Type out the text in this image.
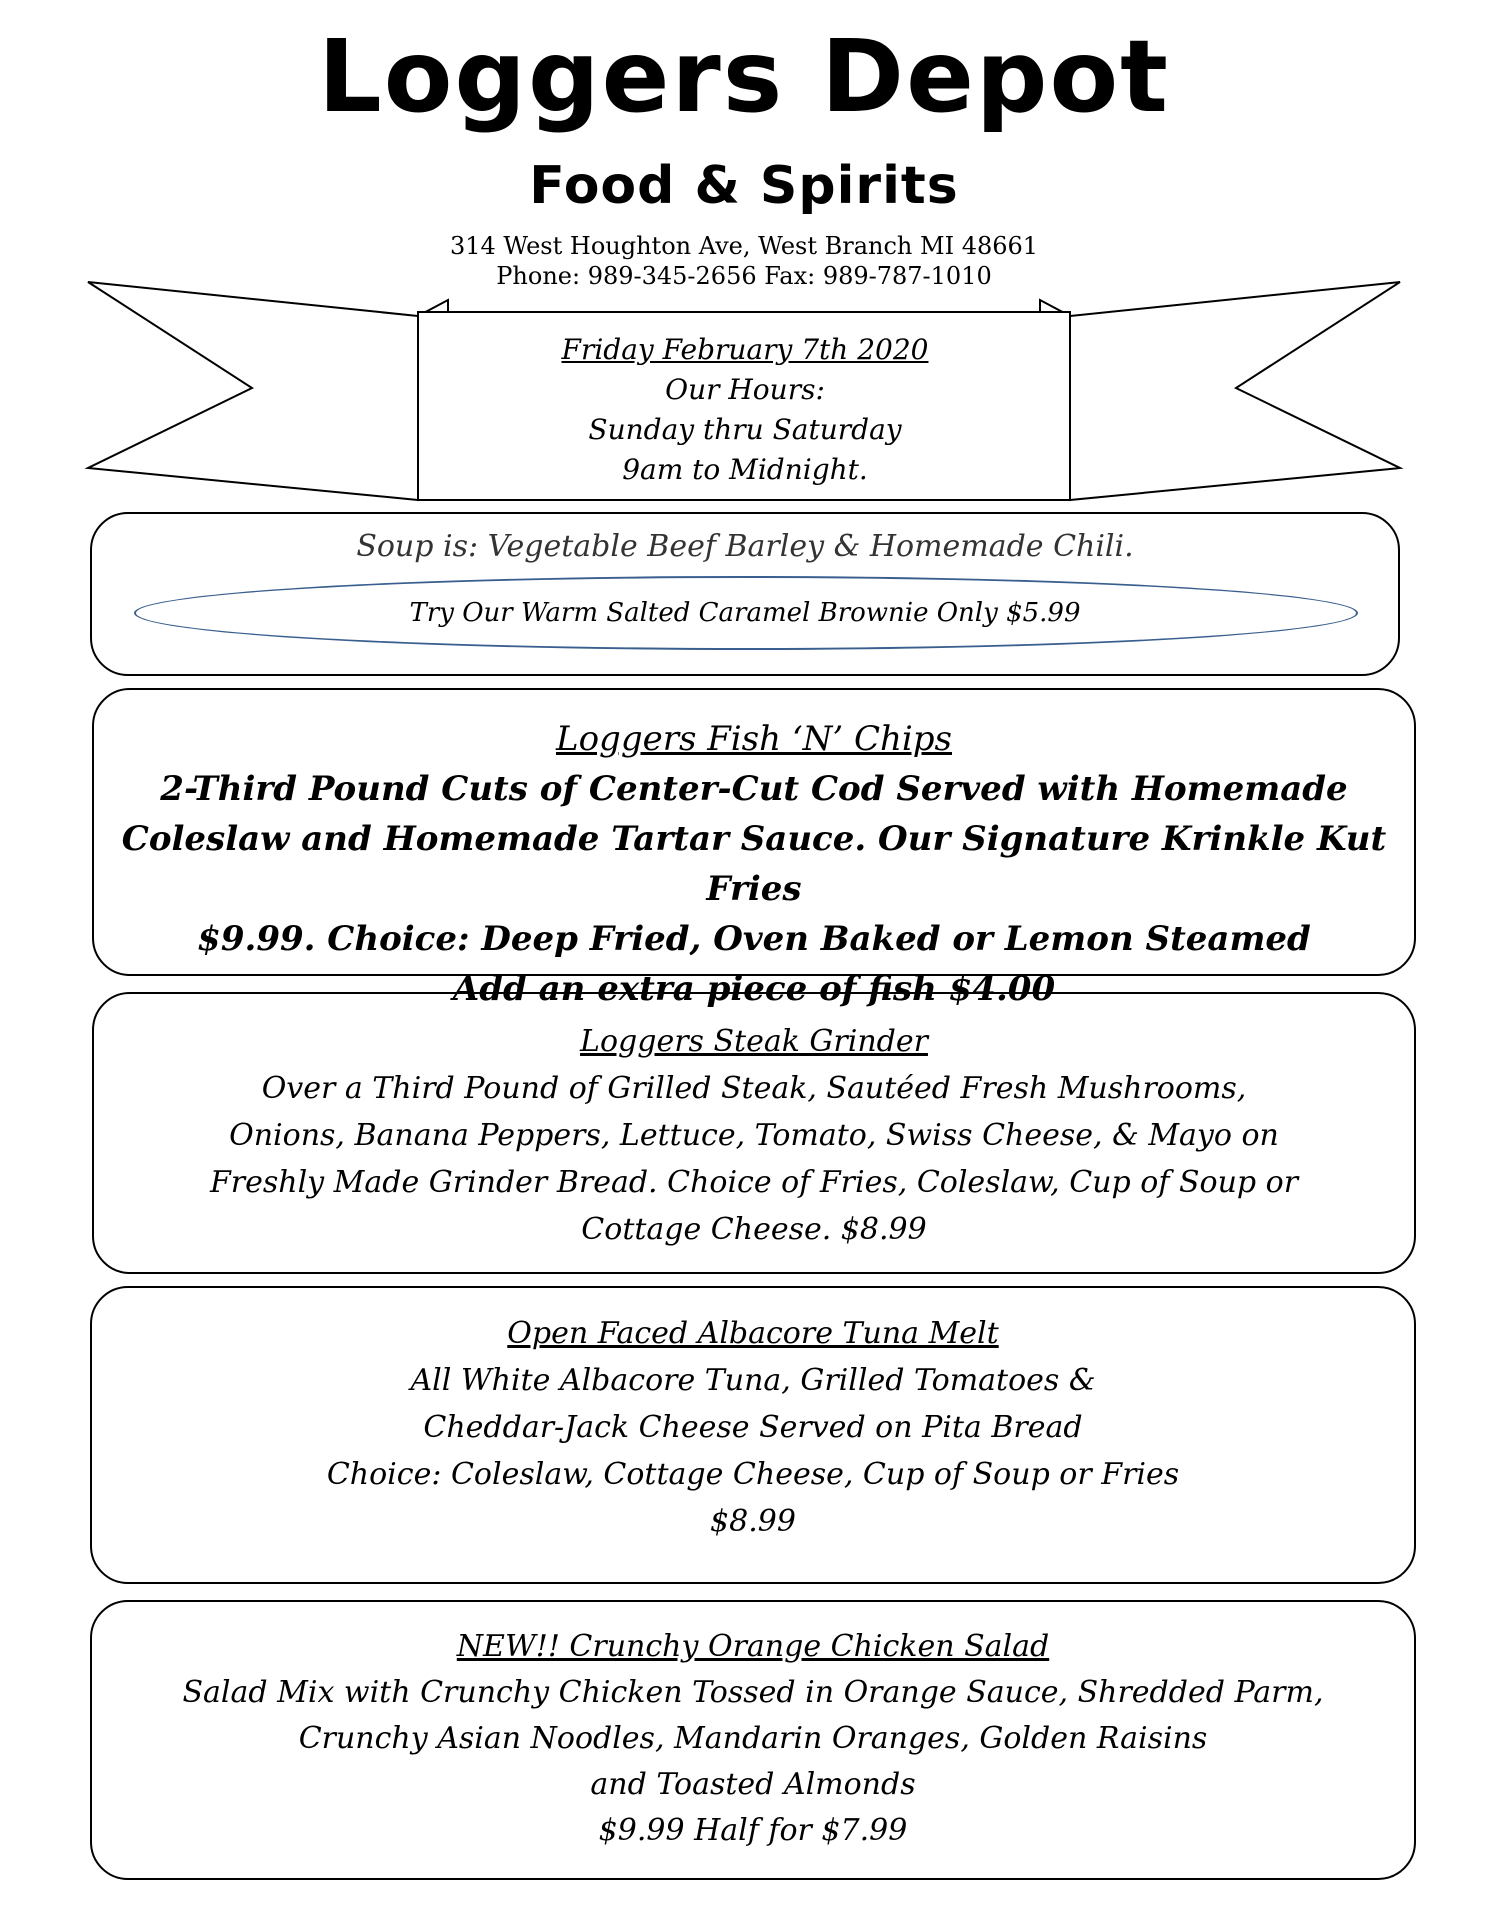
Loggers Depot
Food & Spirits
314 West Houghton Ave, West Branch MI 48661
Phone: 989-345-2656 Fax: 989-787-1010
Friday February 7th 2020
Our Hours:
Sunday thru Saturday
9am to Midnight.
Soup is: Vegetable Beef Barley & Homemade Chili.
Try Our Warm Salted Caramel Brownie Only $5.99
Loggers Fish ‘N’ Chips
2-Third Pound Cuts of Center-Cut Cod Served with Homemade
Coleslaw and Homemade Tartar Sauce. Our Signature Krinkle Kut Fries
$9.99. Choice: Deep Fried, Oven Baked or Lemon Steamed
Add an extra piece of fish $4.00
Loggers Steak Grinder
Over a Third Pound of Grilled Steak, Sautéed Fresh Mushrooms,
Onions, Banana Peppers, Lettuce, Tomato, Swiss Cheese, & Mayo on
Freshly Made Grinder Bread. Choice of Fries, Coleslaw, Cup of Soup or
Cottage Cheese. $8.99
Open Faced Albacore Tuna Melt
All White Albacore Tuna, Grilled Tomatoes &
Cheddar-Jack Cheese Served on Pita Bread
Choice: Coleslaw, Cottage Cheese, Cup of Soup or Fries
$8.99
NEW!! Crunchy Orange Chicken Salad
Salad Mix with Crunchy Chicken Tossed in Orange Sauce, Shredded Parm,
Crunchy Asian Noodles, Mandarin Oranges, Golden Raisins
and Toasted Almonds
$9.99 Half for $7.99
